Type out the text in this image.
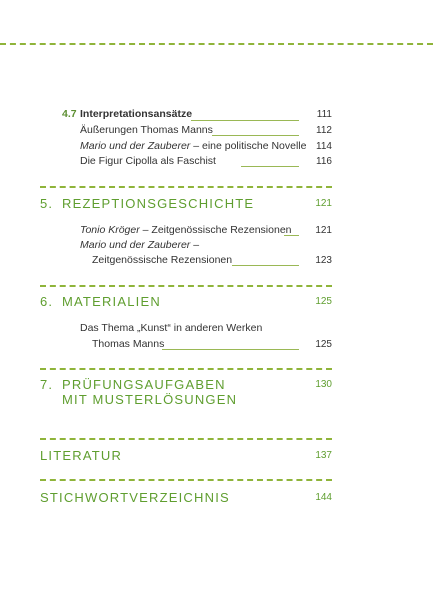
4.7 Interpretationsansätze	111
Äußerungen Thomas Manns	112
Mario und der Zauberer – eine politische Novelle 114
Die Figur Cipolla als Faschist	116
5. REZEPTIONSGESCHICHTE	121
Tonio Kröger – Zeitgenössische Rezensionen	121
Mario und der Zauberer –
Zeitgenössische Rezensionen	123
6. MATERIALIEN	125
Das Thema „Kunst“ in anderen Werken
Thomas Manns	125
7. PRÜFUNGSAUFGABEN
MIT MUSTERLÖSUNGEN
130
LITERATUR	137
STICHWORTVERZEICHNIS	144
